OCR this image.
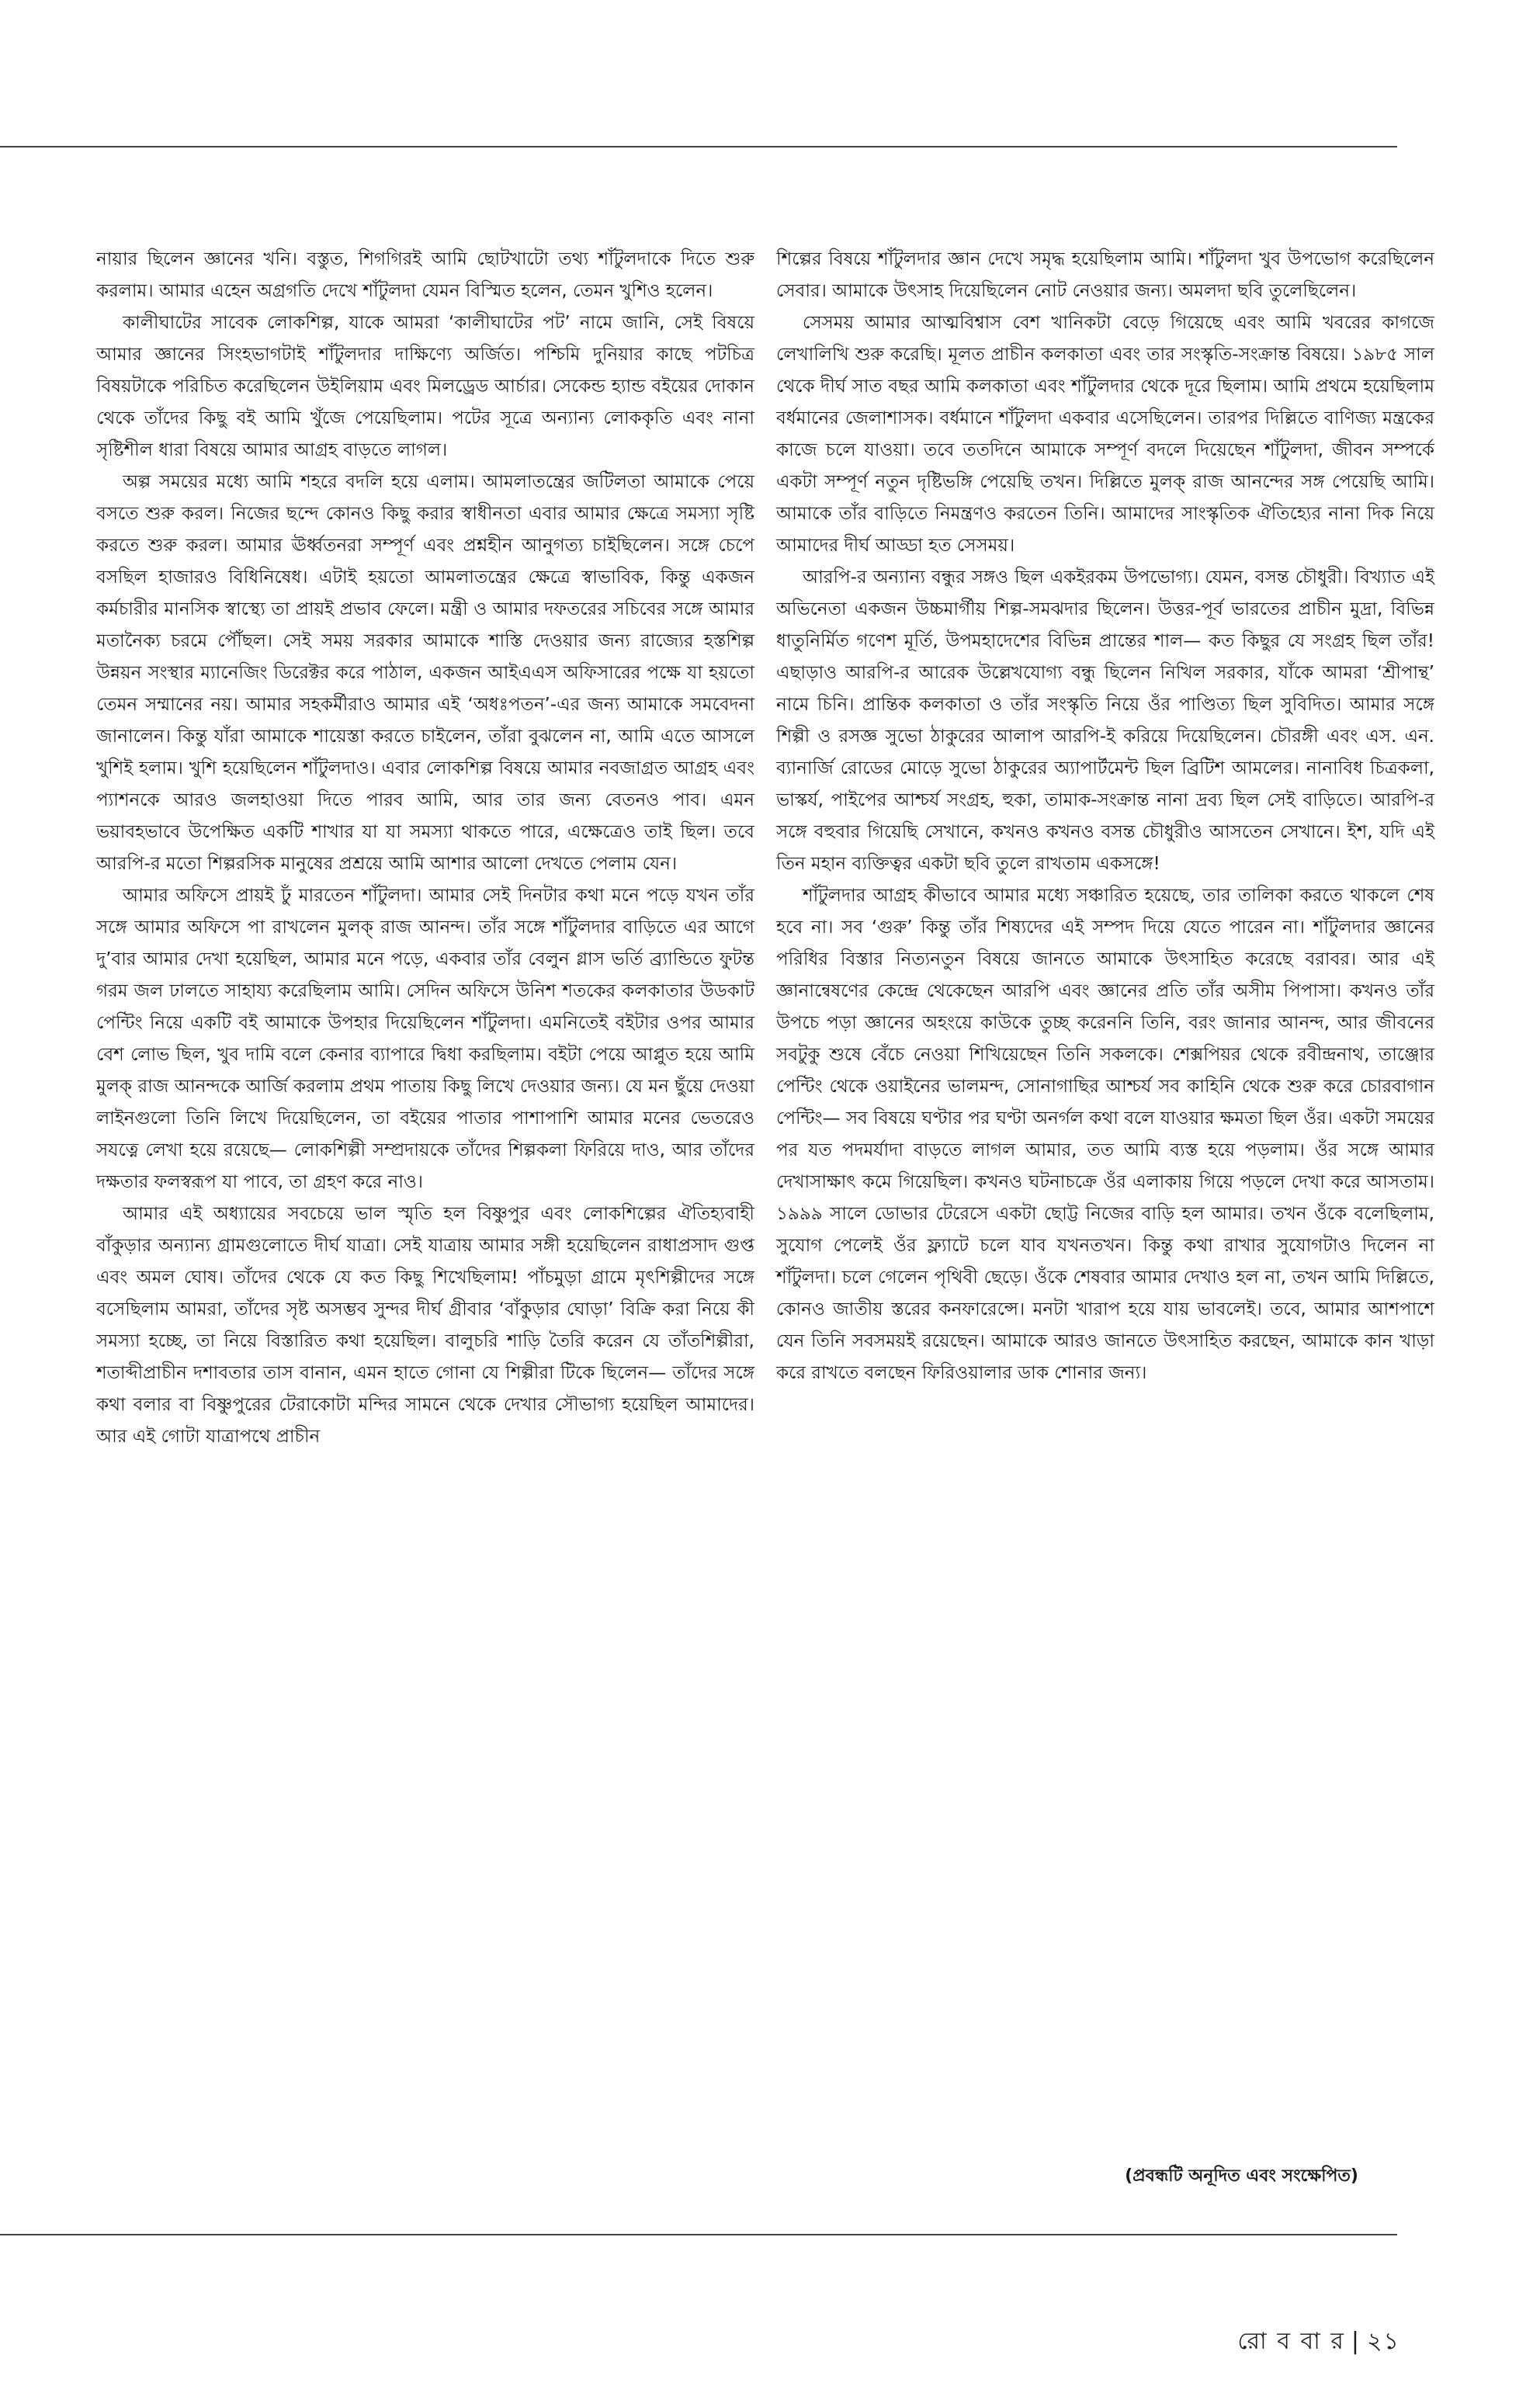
নায়ার ছিলেন জ্ঞানের খনি। বস্তুত, শিগগিরই আমি ছোটখাটো তথ্য শাঁটুলদাকে দিতে শুরু করলাম। আমার এহেন অগ্রগতি দেখে শাঁটুলদা যেমন বিস্মিত হলেন, তেমন খুশিও হলেন।

কালীঘাটের সাবেক লোকশিল্প, যাকে আমরা ‘কালীঘাটের পট’ নামে জানি, সেই বিষয়ে আমার জ্ঞানের সিংহভাগটাই শাঁটুলদার দাক্ষিণ্যে অর্জিত। পশ্চিমি দুনিয়ার কাছে পটচিত্র বিষয়টাকে পরিচিত করেছিলেন উইলিয়াম এবং মিলড্রেড আর্চার। সেকেন্ড হ্যান্ড বইয়ের দোকান থেকে তাঁদের কিছু বই আমি খুঁজে পেয়েছিলাম। পটের সূত্রে অন্যান্য লোককৃতি এবং নানা সৃষ্টিশীল ধারা বিষয়ে আমার আগ্রহ বাড়তে লাগল।

অল্প সময়ের মধ্যে আমি শহরে বদলি হয়ে এলাম। আমলাতন্ত্রের জটিলতা আমাকে পেয়ে বসতে শুরু করল। নিজের ছন্দে কোনও কিছু করার স্বাধীনতা এবার আমার ক্ষেত্রে সমস্যা সৃষ্টি করতে শুরু করল। আমার ঊর্ধ্বতনরা সম্পূর্ণ এবং প্রশ্নহীন আনুগত্য চাইছিলেন। সঙ্গে চেপে বসছিল হাজারও বিধিনিষেধ। এটাই হয়তো আমলাতন্ত্রের ক্ষেত্রে স্বাভাবিক, কিন্তু একজন কর্মচারীর মানসিক স্বাস্থ্যে তা প্রায়ই প্রভাব ফেলে। মন্ত্রী ও আমার দফতরের সচিবের সঙ্গে আমার মতানৈক্য চরমে পৌঁছল। সেই সময় সরকার আমাকে শাস্তি দেওয়ার জন্য রাজ্যের হস্তশিল্প উন্নয়ন সংস্থার ম্যানেজিং ডিরেক্টর করে পাঠাল, একজন আইএএস অফিসারের পক্ষে যা হয়তো তেমন সম্মানের নয়। আমার সহকর্মীরাও আমার এই ‘অধঃপতন’-এর জন্য আমাকে সমবেদনা জানালেন। কিন্তু যাঁরা আমাকে শায়েস্তা করতে চাইলেন, তাঁরা বুঝলেন না, আমি এতে আসলে খুশিই হলাম। খুশি হয়েছিলেন শাঁটুলদাও। এবার লোকশিল্প বিষয়ে আমার নবজাগ্রত আগ্রহ এবং প্যাশনকে আরও জলহাওয়া দিতে পারব আমি, আর তার জন্য বেতনও পাব। এমন ভয়াবহভাবে উপেক্ষিত একটি শাখার যা যা সমস্যা থাকতে পারে, এক্ষেত্রেও তাই ছিল। তবে আরপি-র মতো শিল্পরসিক মানুষের প্রশ্রয়ে আমি আশার আলো দেখতে পেলাম যেন।

আমার অফিসে প্রায়ই ঢুঁ মারতেন শাঁটুলদা। আমার সেই দিনটার কথা মনে পড়ে যখন তাঁর সঙ্গে আমার অফিসে পা রাখলেন মুলক্‌ রাজ আনন্দ। তাঁর সঙ্গে শাঁটুলদার বাড়িতে এর আগে দু’বার আমার দেখা হয়েছিল, আমার মনে পড়ে, একবার তাঁর বেলুন গ্লাস ভর্তি ব্র্যান্ডিতে ফুটন্ত গরম জল ঢালতে সাহায্য করেছিলাম আমি। সেদিন অফিসে উনিশ শতকের কলকাতার উডকাট পেন্টিং নিয়ে একটি বই আমাকে উপহার দিয়েছিলেন শাঁটুলদা। এমনিতেই বইটার ওপর আমার বেশ লোভ ছিল, খুব দামি বলে কেনার ব্যাপারে দ্বিধা করছিলাম। বইটা পেয়ে আপ্লুত হয়ে আমি মুলক্‌ রাজ আনন্দকে আর্জি করলাম প্রথম পাতায় কিছু লিখে দেওয়ার জন্য। যে মন ছুঁয়ে দেওয়া লাইনগুলো তিনি লিখে দিয়েছিলেন, তা বইয়ের পাতার পাশাপাশি আমার মনের ভেতরেও সযত্নে লেখা হয়ে রয়েছে— লোকশিল্পী সম্প্রদায়কে তাঁদের শিল্পকলা ফিরিয়ে দাও, আর তাঁদের দক্ষতার ফলস্বরূপ যা পাবে, তা গ্রহণ করে নাও।

আমার এই অধ্যায়ের সবচেয়ে ভাল স্মৃতি হল বিষ্ণুপুর এবং লোকশিল্পের ঐতিহ্যবাহী বাঁকুড়ার অন্যান্য গ্রামগুলোতে দীর্ঘ যাত্রা। সেই যাত্রায় আমার সঙ্গী হয়েছিলেন রাধাপ্রসাদ গুপ্ত এবং অমল ঘোষ। তাঁদের থেকে যে কত কিছু শিখেছিলাম! পাঁচমুড়া গ্রামে মৃৎশিল্পীদের সঙ্গে বসেছিলাম আমরা, তাঁদের সৃষ্ট অসম্ভব সুন্দর দীর্ঘ গ্রীবার ‘বাঁকুড়ার ঘোড়া’ বিক্রি করা নিয়ে কী সমস্যা হচ্ছে, তা নিয়ে বিস্তারিত কথা হয়েছিল। বালুচরি শাড়ি তৈরি করেন যে তাঁতশিল্পীরা, শতাব্দীপ্রাচীন দশাবতার তাস বানান, এমন হাতে গোনা যে শিল্পীরা টিকে ছিলেন— তাঁদের সঙ্গে কথা বলার বা বিষ্ণুপুরের টেরাকোটা মন্দির সামনে থেকে দেখার সৌভাগ্য হয়েছিল আমাদের। আর এই গোটা যাত্রাপথে প্রাচীন

শিল্পের বিষয়ে শাঁটুলদার জ্ঞান দেখে সমৃদ্ধ হয়েছিলাম আমি। শাঁটুলদা খুব উপভোগ করেছিলেন সেবার। আমাকে উৎসাহ দিয়েছিলেন নোট নেওয়ার জন্য। অমলদা ছবি তুলেছিলেন।

সেসময় আমার আত্মবিশ্বাস বেশ খানিকটা বেড়ে গিয়েছে এবং আমি খবরের কাগজে লেখালিখি শুরু করেছি। মূলত প্রাচীন কলকাতা এবং তার সংস্কৃতি-সংক্রান্ত বিষয়ে। ১৯৮৫ সাল থেকে দীর্ঘ সাত বছর আমি কলকাতা এবং শাঁটুলদার থেকে দূরে ছিলাম। আমি প্রথমে হয়েছিলাম বর্ধমানের জেলাশাসক। বর্ধমানে শাঁটুলদা একবার এসেছিলেন। তারপর দিল্লিতে বাণিজ্য মন্ত্রকের কাজে চলে যাওয়া। তবে ততদিনে আমাকে সম্পূর্ণ বদলে দিয়েছেন শাঁটুলদা, জীবন সম্পর্কে একটা সম্পূর্ণ নতুন দৃষ্টিভঙ্গি পেয়েছি তখন। দিল্লিতে মুলক্‌ রাজ আনন্দের সঙ্গ পেয়েছি আমি। আমাকে তাঁর বাড়িতে নিমন্ত্রণও করতেন তিনি। আমাদের সাংস্কৃতিক ঐতিহ্যের নানা দিক নিয়ে আমাদের দীর্ঘ আড্ডা হত সেসময়।

আরপি-র অন্যান্য বন্ধুর সঙ্গও ছিল একইরকম উপভোগ্য। যেমন, বসন্ত চৌধুরী। বিখ্যাত এই অভিনেতা একজন উচ্চমার্গীয় শিল্প-সমঝদার ছিলেন। উত্তর-পূর্ব ভারতের প্রাচীন মুদ্রা, বিভিন্ন ধাতুনির্মিত গণেশ মূর্তি, উপমহাদেশের বিভিন্ন প্রান্তের শাল— কত কিছুর যে সংগ্রহ ছিল তাঁর! এছাড়াও আরপি-র আরেক উল্লেখযোগ্য বন্ধু ছিলেন নিখিল সরকার, যাঁকে আমরা ‘শ্রীপান্থ’ নামে চিনি। প্রান্তিক কলকাতা ও তাঁর সংস্কৃতি নিয়ে ওঁর পাণ্ডিত্য ছিল সুবিদিত। আমার সঙ্গে শিল্পী ও রসজ্ঞ সুভো ঠাকুরের আলাপ আরপি-ই করিয়ে দিয়েছিলেন। চৌরঙ্গী এবং এস. এন. ব্যানার্জি রোডের মোড়ে সুভো ঠাকুরের অ্যাপার্টমেন্ট ছিল ব্রিটিশ আমলের। নানাবিধ চিত্রকলা, ভাস্কর্য, পাইপের আশ্চর্য সংগ্রহ, হুকা, তামাক-সংক্রান্ত নানা দ্রব্য ছিল সেই বাড়িতে। আরপি-র সঙ্গে বহুবার গিয়েছি সেখানে, কখনও কখনও বসন্ত চৌধুরীও আসতেন সেখানে। ইশ, যদি এই তিন মহান ব্যক্তিত্বর একটা ছবি তুলে রাখতাম একসঙ্গে!

শাঁটুলদার আগ্রহ কীভাবে আমার মধ্যে সঞ্চারিত হয়েছে, তার তালিকা করতে থাকলে শেষ হবে না। সব ‘গুরু’ কিন্তু তাঁর শিষ্যদের এই সম্পদ দিয়ে যেতে পারেন না। শাঁটুলদার জ্ঞানের পরিধির বিস্তার নিত্যনতুন বিষয়ে জানতে আমাকে উৎসাহিত করেছে বরাবর। আর এই জ্ঞানান্বেষণের কেন্দ্রে থেকেছেন আরপি এবং জ্ঞানের প্রতি তাঁর অসীম পিপাসা। কখনও তাঁর উপচে পড়া জ্ঞানের অহংয়ে কাউকে তুচ্ছ করেননি তিনি, বরং জানার আনন্দ, আর জীবনের সবটুকু শুষে বেঁচে নেওয়া শিখিয়েছেন তিনি সকলকে। শেক্সপিয়র থেকে রবীন্দ্রনাথ, তাঞ্জোর পেন্টিং থেকে ওয়াইনের ভালমন্দ, সোনাগাছির আশ্চর্য সব কাহিনি থেকে শুরু করে চোরবাগান পেন্টিং— সব বিষয়ে ঘণ্টার পর ঘণ্টা অনর্গল কথা বলে যাওয়ার ক্ষমতা ছিল ওঁর। একটা সময়ের পর যত পদমর্যাদা বাড়তে লাগল আমার, তত আমি ব্যস্ত হয়ে পড়লাম। ওঁর সঙ্গে আমার দেখাসাক্ষাৎ কমে গিয়েছিল। কখনও ঘটনাচক্রে ওঁর এলাকায় গিয়ে পড়লে দেখা করে আসতাম। ১৯৯৯ সালে ডোভার টেরেসে একটা ছোট্ট নিজের বাড়ি হল আমার। তখন ওঁকে বলেছিলাম, সুযোগ পেলেই ওঁর ফ্ল্যাটে চলে যাব যখনতখন। কিন্তু কথা রাখার সুযোগটাও দিলেন না শাঁটুলদা। চলে গেলেন পৃথিবী ছেড়ে। ওঁকে শেষবার আমার দেখাও হল না, তখন আমি দিল্লিতে, কোনও জাতীয় স্তরের কনফারেন্সে। মনটা খারাপ হয়ে যায় ভাবলেই। তবে, আমার আশপাশে যেন তিনি সবসময়ই রয়েছেন। আমাকে আরও জানতে উৎসাহিত করছেন, আমাকে কান খাড়া করে রাখতে বলছেন ফিরিওয়ালার ডাক শোনার জন্য।

(প্রবন্ধটি অনূদিত এবং সংক্ষেপিত)
রো ব বা র | ২১
